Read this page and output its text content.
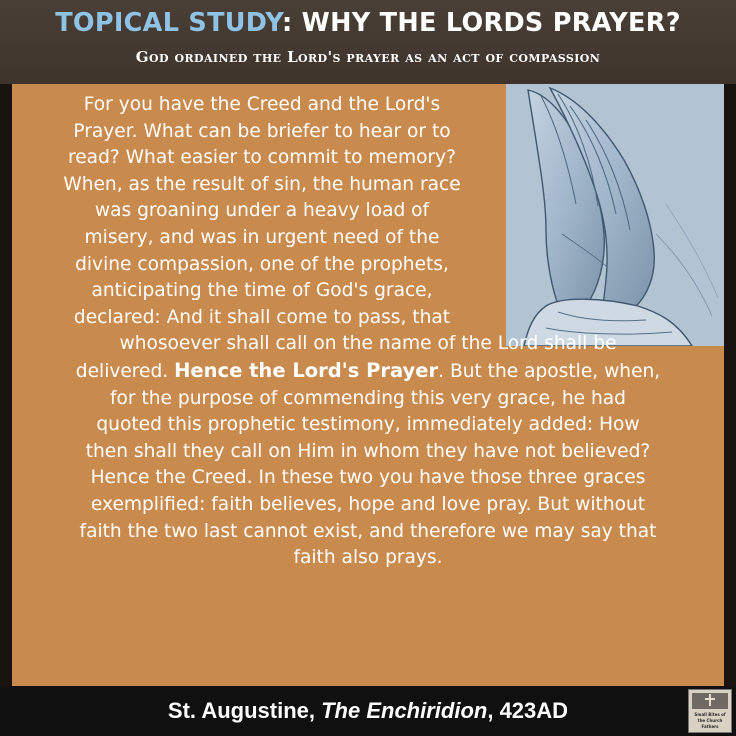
TOPICAL STUDY: WHY THE LORDS PRAYER?
God ordained the Lord's prayer as an act of compassion
For you have the Creed and the Lord's
Prayer. What can be briefer to hear or to
read? What easier to commit to memory?
When, as the result of sin, the human race
was groaning under a heavy load of
misery, and was in urgent need of the
divine compassion, one of the prophets,
anticipating the time of God's grace,
declared: And it shall come to pass, that
whosoever shall call on the name of the Lord shall be
delivered. Hence the Lord's Prayer. But the apostle, when,
for the purpose of commending this very grace, he had
quoted this prophetic testimony, immediately added: How
then shall they call on Him in whom they have not believed?
Hence the Creed. In these two you have those three graces
exemplified: faith believes, hope and love pray. But without
faith the two last cannot exist, and therefore we may say that
faith also prays.
St. Augustine, The Enchiridion, 423AD	Small Bites of
the Church
Fathers
